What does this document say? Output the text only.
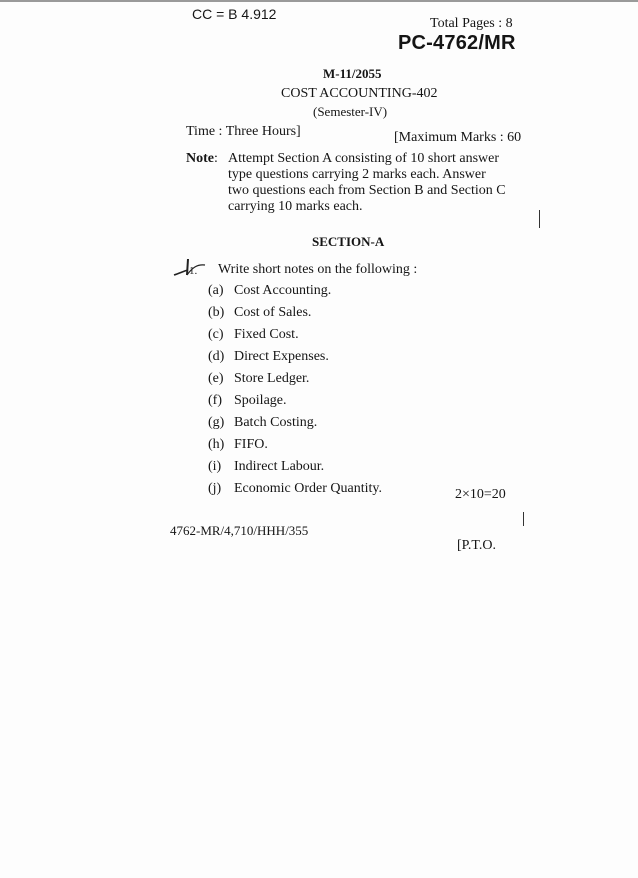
CC = B 4.912
Total Pages : 8
PC-4762/MR
M-11/2055
COST ACCOUNTING-402
(Semester-IV)
Time : Three Hours]	[Maximum Marks : 60
Note : Attempt Section A consisting of 10 short answer type questions carrying 2 marks each. Answer two questions each from Section B and Section C carrying 10 marks each.
SECTION-A
1. Write short notes on the following :
(a) Cost Accounting.
(b) Cost of Sales.
(c) Fixed Cost.
(d) Direct Expenses.
(e) Store Ledger.
(f) Spoilage.
(g) Batch Costing.
(h) FIFO.
(i) Indirect Labour.
(j) Economic Order Quantity.	2×10=20
4762-MR/4,710/HHH/355
[P.T.O.
